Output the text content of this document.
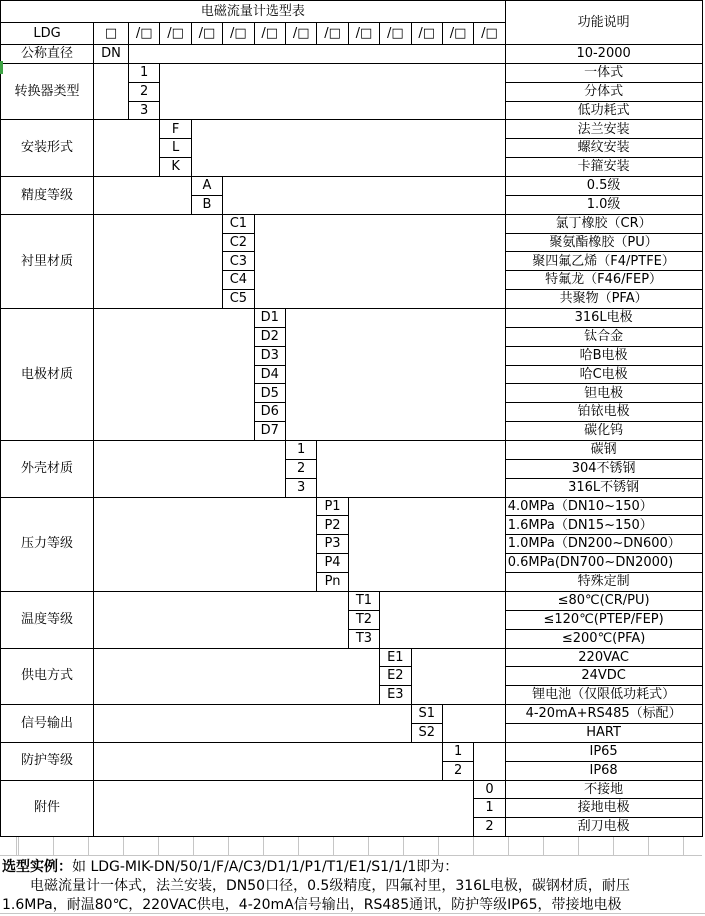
电磁流量计选型表														功能说明
LDG	□	/□	/□	/□	/□	/□	/□	/□	/□	/□	/□	/□	/□	
公称直径	DN													10-2000
转换器类型		1												一体式
		2												分体式
		3												低功耗式
安装形式			F											法兰安装
			L											螺纹安装
			K											卡箍安装
精度等级				A										0.5级
				B										1.0级
衬里材质					C1									氯丁橡胶（CR）
					C2									聚氨酯橡胶（PU）
					C3									聚四氟乙烯（F4/PTFE）
					C4									特氟龙（F46/FEP）
					C5									共聚物（PFA）
电极材质						D1								316L电极
						D2								钛合金
						D3								哈B电极
						D4								哈C电极
						D5								钽电极
						D6								铂铱电极
						D7								碳化钨
外壳材质							1							碳钢
							2							304不锈钢
							3							316L不锈钢
压力等级								P1						4.0MPa（DN10~150）
								P2						1.6MPa（DN15~150）
								P3						1.0MPa（DN200~DN600）
								P4						0.6MPa(DN700~DN2000)
								Pn						特殊定制
温度等级									T1					≤80℃(CR/PU)
									T2					≤120℃(PTEP/FEP)
									T3					≤200℃(PFA)
供电方式										E1				220VAC
										E2				24VDC
										E3				锂电池（仅限低功耗式）
信号输出											S1			4-20mA+RS485（标配）
											S2			HART
防护等级												1		IP65
												2		IP68
附件													0	不接地
													1	接地电极
													2	刮刀电极
选型实例：如 LDG-MIK-DN/50/1/F/A/C3/D1/1/P1/T1/E1/S1/1/1即为：
电磁流量计一体式，法兰安装，DN50口径，0.5级精度，四氟衬里，316L电极，碳钢材质，耐压
1.6MPa，耐温80℃，220VAC供电，4-20mA信号输出，RS485通讯，防护等级IP65，带接地电极
